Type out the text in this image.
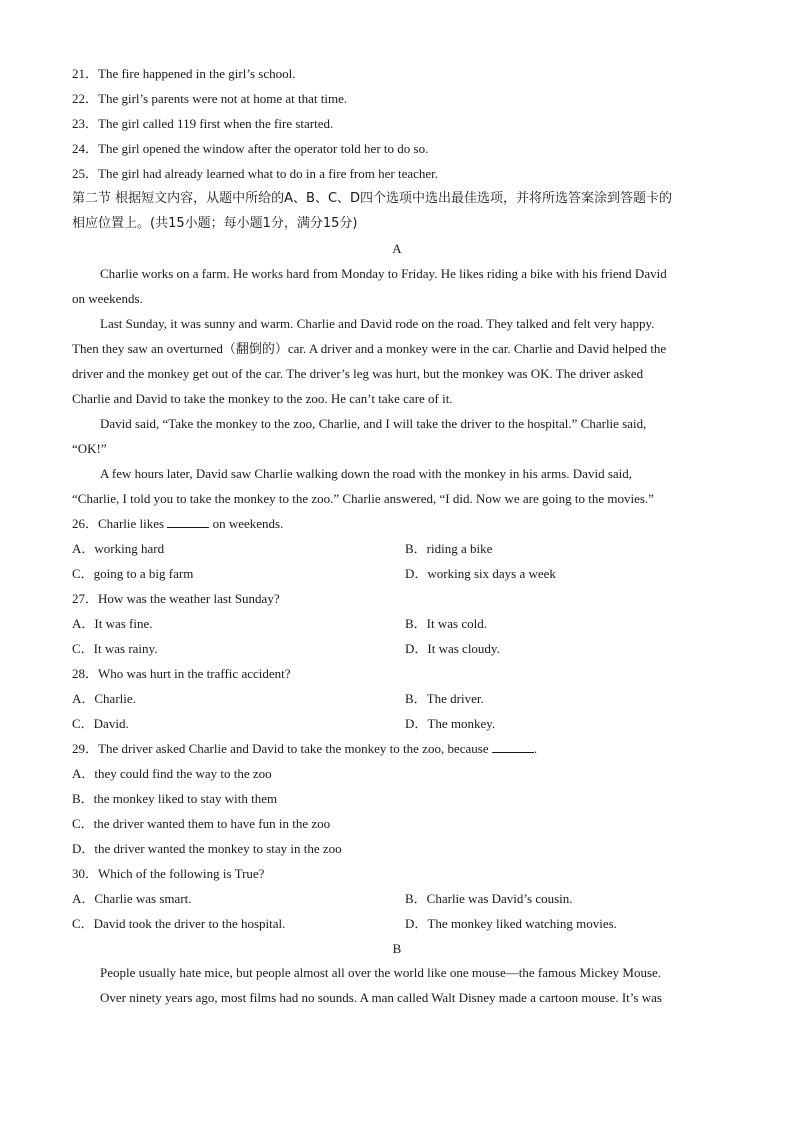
21．The fire happened in the girl’s school.
22．The girl’s parents were not at home at that time.
23．The girl called 119 first when the fire started.
24．The girl opened the window after the operator told her to do so.
25．The girl had already learned what to do in a fire from her teacher.
第二节 根据短文内容，从题中所给的A、B、C、D四个选项中选出最佳选项，并将所选答案涂到答题卡的
相应位置上。(共15小题；每小题1分，满分15分)
A
Charlie works on a farm. He works hard from Monday to Friday. He likes riding a bike with his friend David
on weekends.
Last Sunday, it was sunny and warm. Charlie and David rode on the road. They talked and felt very happy.
Then they saw an overturned（翻倒的）car. A driver and a monkey were in the car. Charlie and David helped the
driver and the monkey get out of the car. The driver’s leg was hurt, but the monkey was OK. The driver asked
Charlie and David to take the monkey to the zoo. He can’t take care of it.
David said, “Take the monkey to the zoo, Charlie, and I will take the driver to the hospital.” Charlie said,
“OK!”
A few hours later, David saw Charlie walking down the road with the monkey in his arms. David said,
“Charlie, I told you to take the monkey to the zoo.” Charlie answered, “I did. Now we are going to the movies.”
26．Charlie likes	on weekends.
A．working hard	B．riding a bike
C．going to a big farm	D．working six days a week
27．How was the weather last Sunday?
A．It was fine.	B．It was cold.
C．It was rainy.	D．It was cloudy.
28．Who was hurt in the traffic accident?
A．Charlie.	B．The driver.
C．David.	D．The monkey.
29．The driver asked Charlie and David to take the monkey to the zoo, because	.
A．they could find the way to the zoo
B．the monkey liked to stay with them
C．the driver wanted them to have fun in the zoo
D．the driver wanted the monkey to stay in the zoo
30．Which of the following is True?
A．Charlie was smart.	B．Charlie was David’s cousin.
C．David took the driver to the hospital.	D．The monkey liked watching movies.
B
People usually hate mice, but people almost all over the world like one mouse—the famous Mickey Mouse.
Over ninety years ago, most films had no sounds. A man called Walt Disney made a cartoon mouse. It’s was
